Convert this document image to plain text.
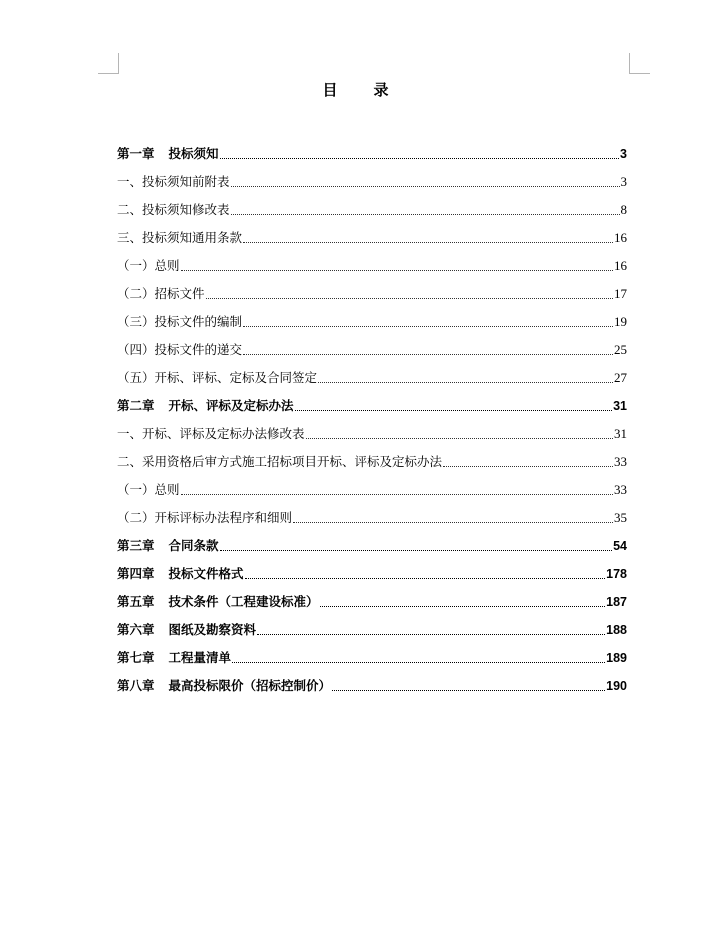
目 录
第一章 投标须知	3
一、投标须知前附表	3
二、投标须知修改表	8
三、投标须知通用条款	16
（一）总则	16
（二）招标文件	17
（三）投标文件的编制	19
（四）投标文件的递交	25
（五）开标、评标、定标及合同签定	27
第二章 开标、评标及定标办法	31
一、开标、评标及定标办法修改表	31
二、采用资格后审方式施工招标项目开标、评标及定标办法	33
（一）总则	33
（二）开标评标办法程序和细则	35
第三章 合同条款	54
第四章 投标文件格式	178
第五章 技术条件（工程建设标准）	187
第六章 图纸及勘察资料	188
第七章 工程量清单	189
第八章 最高投标限价（招标控制价）	190
